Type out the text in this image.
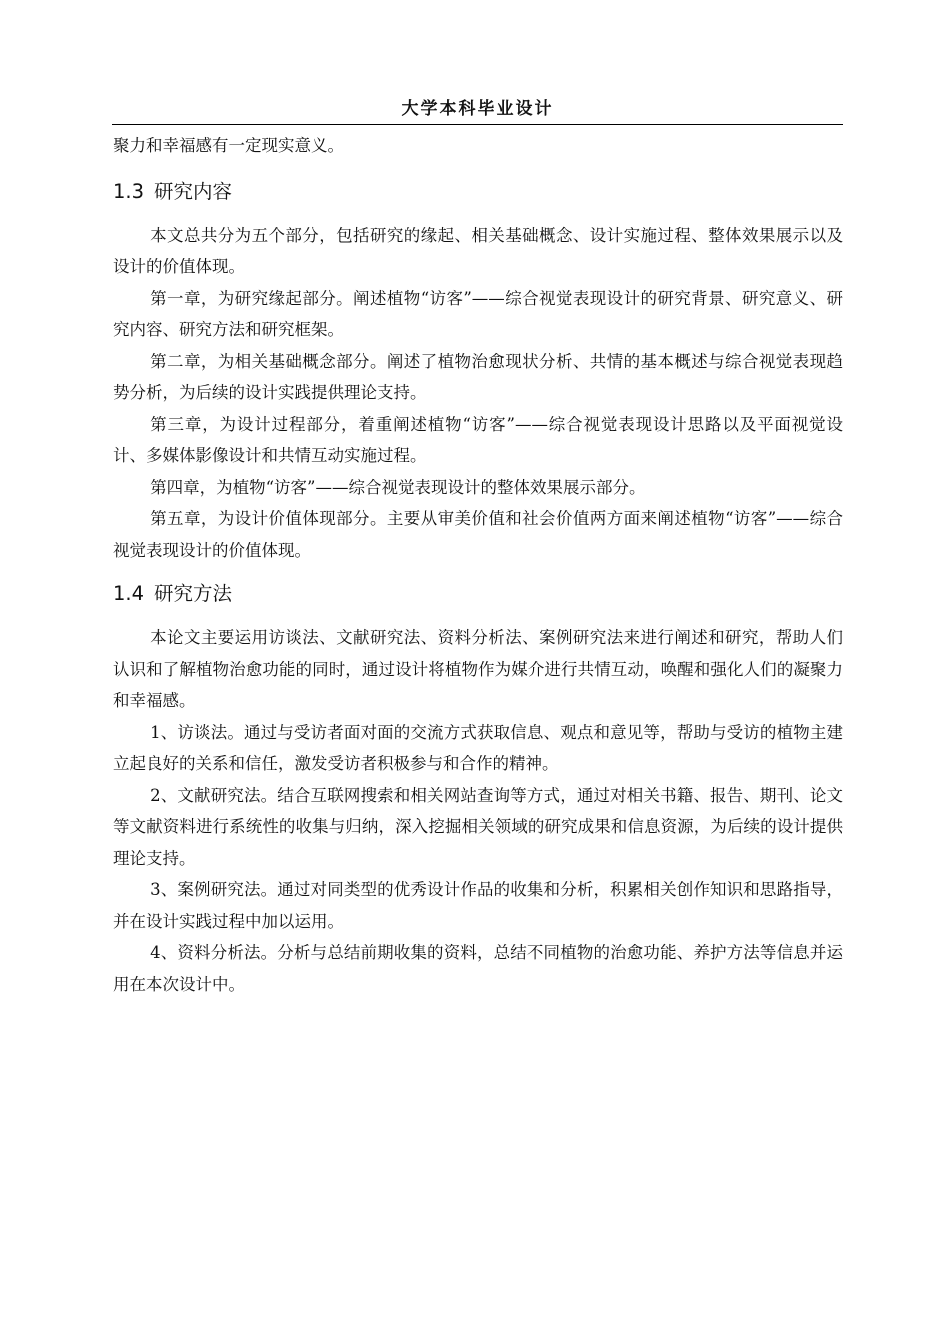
大学本科毕业设计

聚力和幸福感有一定现实意义。

1.3 研究内容

本文总共分为五个部分，包括研究的缘起、相关基础概念、设计实施过程、整体效果展示以及设计的价值体现。

第一章，为研究缘起部分。阐述植物“访客”——综合视觉表现设计的研究背景、研究意义、研究内容、研究方法和研究框架。

第二章，为相关基础概念部分。阐述了植物治愈现状分析、共情的基本概述与综合视觉表现趋势分析，为后续的设计实践提供理论支持。

第三章，为设计过程部分，着重阐述植物“访客”——综合视觉表现设计思路以及平面视觉设计、多媒体影像设计和共情互动实施过程。

第四章，为植物“访客”——综合视觉表现设计的整体效果展示部分。

第五章，为设计价值体现部分。主要从审美价值和社会价值两方面来阐述植物“访客”——综合视觉表现设计的价值体现。

1.4 研究方法

本论文主要运用访谈法、文献研究法、资料分析法、案例研究法来进行阐述和研究，帮助人们认识和了解植物治愈功能的同时，通过设计将植物作为媒介进行共情互动，唤醒和强化人们的凝聚力和幸福感。

1、访谈法。通过与受访者面对面的交流方式获取信息、观点和意见等，帮助与受访的植物主建立起良好的关系和信任，激发受访者积极参与和合作的精神。

2、文献研究法。结合互联网搜索和相关网站查询等方式，通过对相关书籍、报告、期刊、论文等文献资料进行系统性的收集与归纳，深入挖掘相关领域的研究成果和信息资源，为后续的设计提供理论支持。

3、案例研究法。通过对同类型的优秀设计作品的收集和分析，积累相关创作知识和思路指导，并在设计实践过程中加以运用。

4、资料分析法。分析与总结前期收集的资料，总结不同植物的治愈功能、养护方法等信息并运用在本次设计中。
